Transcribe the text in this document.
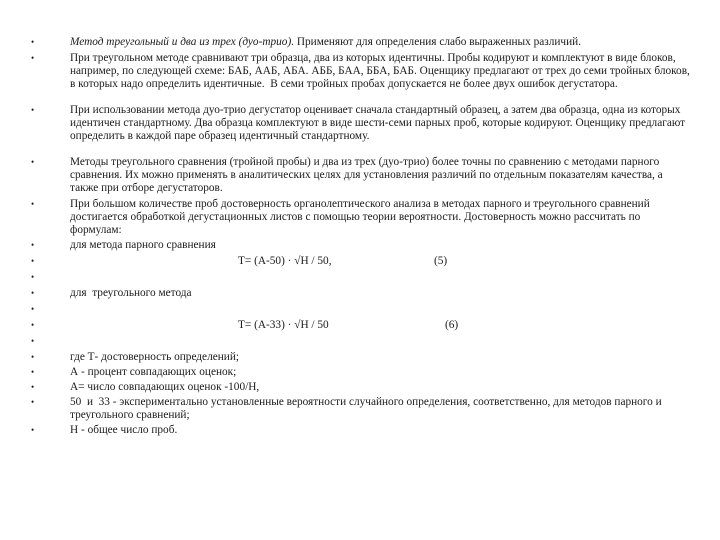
•	Метод треугольный и два из трех (дуо-трио). Применяют для определения слабо выраженных различий.
•	При треугольном методе сравнивают три образца, два из которых идентичны. Пробы кодируют и комплектуют в виде блоков, например, по следующей схеме: БАБ, ААБ, АБА. АББ, БАА, ББА, БАБ. Оценщику предлагают от трех до семи тройных блоков, в которых надо определить идентичные.  В семи тройных пробах допускается не более двух ошибок дегустатора.
•	При использовании метода дуо-трио дегустатор оценивает сначала стандартный образец, а затем два образца, одна из которых идентичен стандартному. Два образца комплектуют в виде шести-семи парных проб, которые кодируют. Оценщику предлагают определить в каждой паре образец идентичный стандартному.
•	Методы треугольного сравнения (тройной пробы) и два из трех (дуо-трио) более точны по сравнению с методами парного сравнения. Их можно применять в аналитических целях для установления различий по отдельным показателям качества, а также при отборе дегустаторов.
•	При большом количестве проб достоверность органолептического анализа в методах парного и треугольного сравнений достигается обработкой дегустационных листов с помощью теории вероятности. Достоверность можно рассчитать по формулам:
•	для метода парного сравнения
•	Т= (А-50) · √Н / 50,	(5)
•
•	для  треугольного метода
•
•	Т= (А-33) · √Н / 50	(6)
•
•	где Т- достоверность определений;
•	А - процент совпадающих оценок;
•	А= число совпадающих оценок -100/Н,
•	50  и  33 - экспериментально установленные вероятности случайного определения, соответственно, для методов парного и треугольного сравнений;
•	Н - общее число проб.
